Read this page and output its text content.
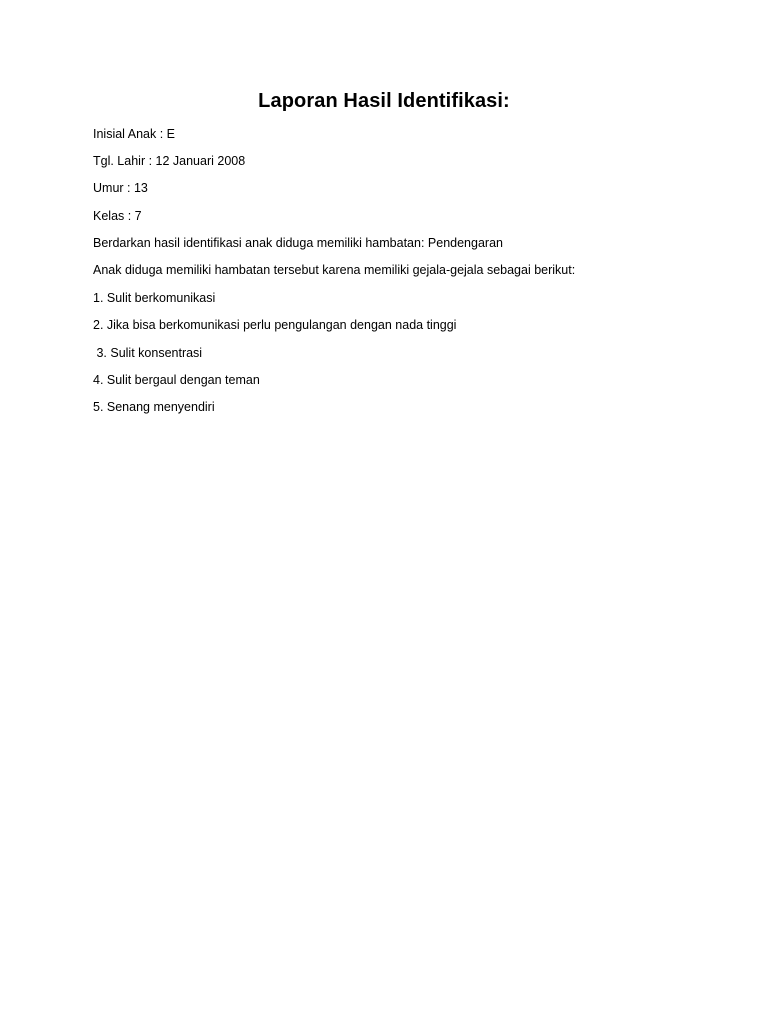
Laporan Hasil Identifikasi:

Inisial Anak : E

Tgl. Lahir : 12 Januari 2008

Umur : 13

Kelas : 7

Berdarkan hasil identifikasi anak diduga memiliki hambatan: Pendengaran

Anak diduga memiliki hambatan tersebut karena memiliki gejala-gejala sebagai berikut:

1. Sulit berkomunikasi

2. Jika bisa berkomunikasi perlu pengulangan dengan nada tinggi

3. Sulit konsentrasi

4. Sulit bergaul dengan teman

5. Senang menyendiri
